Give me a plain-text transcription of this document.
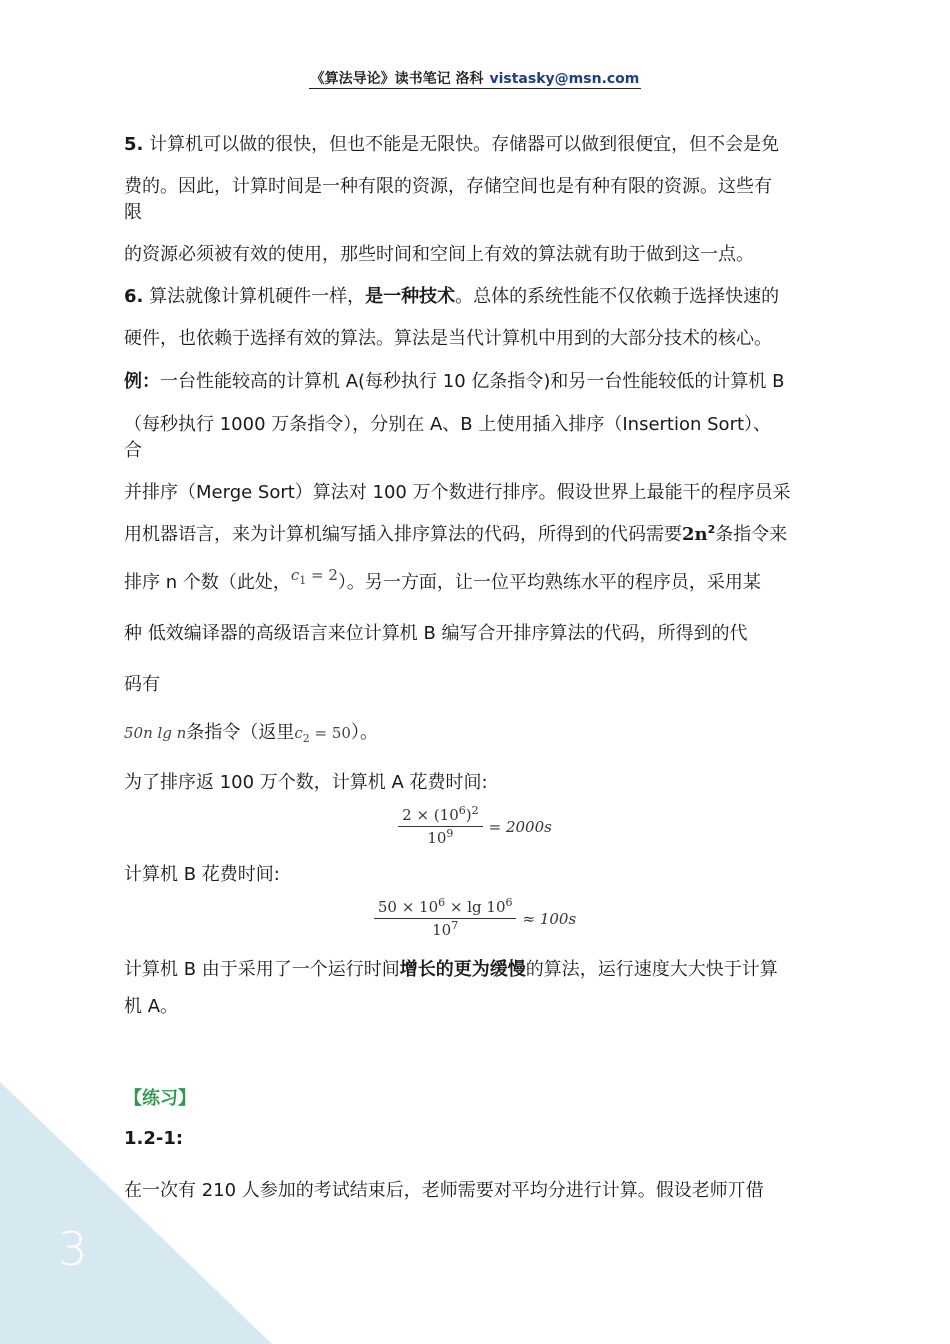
3
《算法导论》读书笔记 洛科 vistasky@msn.com
5. 计算机可以做的很快，但也不能是无限快。存储器可以做到很便宜，但不会是免
费的。因此，计算时间是一种有限的资源，存储空间也是有种有限的资源。这些有
限
的资源必须被有效的使用，那些时间和空间上有效的算法就有助于做到这一点。
6. 算法就像计算机硬件一样，是一种技术。总体的系统性能不仅依赖于选择快速的
硬件，也依赖于选择有效的算法。算法是当代计算机中用到的大部分技术的核心。
例：一台性能较高的计算机 A(每秒执行 10 亿条指令)和另一台性能较低的计算机 B
（每秒执行 1000 万条指令），分别在 A、B 上使用插入排序（Insertion Sort）、
合
并排序（Merge Sort）算法对 100 万个数进行排序。假设世界上最能干的程序员采
用机器语言，来为计算机编写插入排序算法的代码，所得到的代码需要$2n^2$条指令来
排序 n 个数（此处，$^{c_1 = 2}$）。另一方面，让一位平均熟练水平的程序员，采用某
种 低效编译器的高级语言来位计算机 B 编写合开排序算法的代码，所得到的代
码有
50n lg n条指令（返里$c_2 = 50$）。
为了排序返 100 万个数，计算机 A 花费时间:
$\frac{2 \times (10^6)^2}{10^9} = 2000s$
计算机 B 花费时间:
$\frac{50 \times 10^6 \times \lg 10^6}{10^7} \approx 100s$
计算机 B 由于采用了一个运行时间增长的更为缓慢的算法，运行速度大大快于计算
机 A。
【练习】
1.2-1:
在一次有 210 人参加的考试结束后，老师需要对平均分进行计算。假设老师丌借
